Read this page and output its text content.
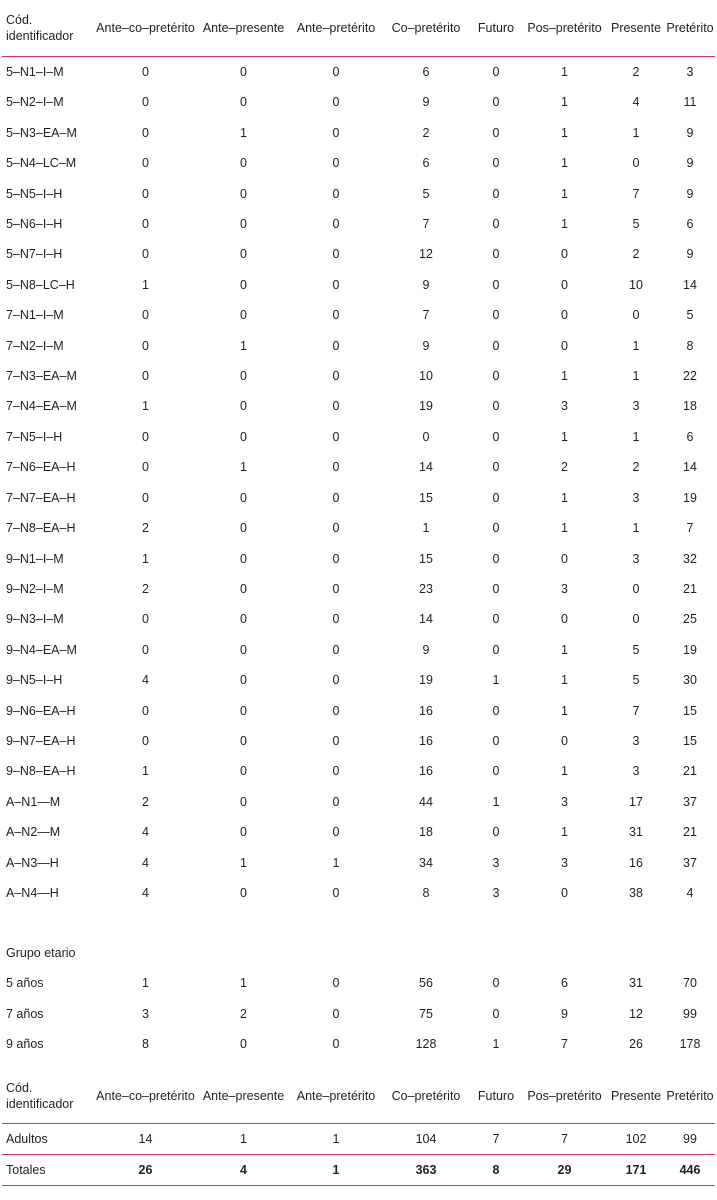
Cód. identificador	Ante–co–pretérito	Ante–presente	Ante–pretérito	Co–pretérito	Futuro	Pos–pretérito	Presente	Pretérito
5–N1–I–M	0	0	0	6	0	1	2	3
5–N2–I–M	0	0	0	9	0	1	4	11
5–N3–EA–M	0	1	0	2	0	1	1	9
5–N4–LC–M	0	0	0	6	0	1	0	9
5–N5–I–H	0	0	0	5	0	1	7	9
5–N6–I–H	0	0	0	7	0	1	5	6
5–N7–I–H	0	0	0	12	0	0	2	9
5–N8–LC–H	1	0	0	9	0	0	10	14
7–N1–I–M	0	0	0	7	0	0	0	5
7–N2–I–M	0	1	0	9	0	0	1	8
7–N3–EA–M	0	0	0	10	0	1	1	22
7–N4–EA–M	1	0	0	19	0	3	3	18
7–N5–I–H	0	0	0	0	0	1	1	6
7–N6–EA–H	0	1	0	14	0	2	2	14
7–N7–EA–H	0	0	0	15	0	1	3	19
7–N8–EA–H	2	0	0	1	0	1	1	7
9–N1–I–M	1	0	0	15	0	0	3	32
9–N2–I–M	2	0	0	23	0	3	0	21
9–N3–I–M	0	0	0	14	0	0	0	25
9–N4–EA–M	0	0	0	9	0	1	5	19
9–N5–I–H	4	0	0	19	1	1	5	30
9–N6–EA–H	0	0	0	16	0	1	7	15
9–N7–EA–H	0	0	0	16	0	0	3	15
9–N8–EA–H	1	0	0	16	0	1	3	21
A–N1—M	2	0	0	44	1	3	17	37
A–N2—M	4	0	0	18	0	1	31	21
A–N3—H	4	1	1	34	3	3	16	37
A–N4—H	4	0	0	8	3	0	38	4

Grupo etario								
5 años	1	1	0	56	0	6	31	70
7 años	3	2	0	75	0	9	12	99
9 años	8	0	0	128	1	7	26	178
Cód. identificador	Ante–co–pretérito	Ante–presente	Ante–pretérito	Co–pretérito	Futuro	Pos–pretérito	Presente	Pretérito
Adultos	14	1	1	104	7	7	102	99
Totales	26	4	1	363	8	29	171	446
